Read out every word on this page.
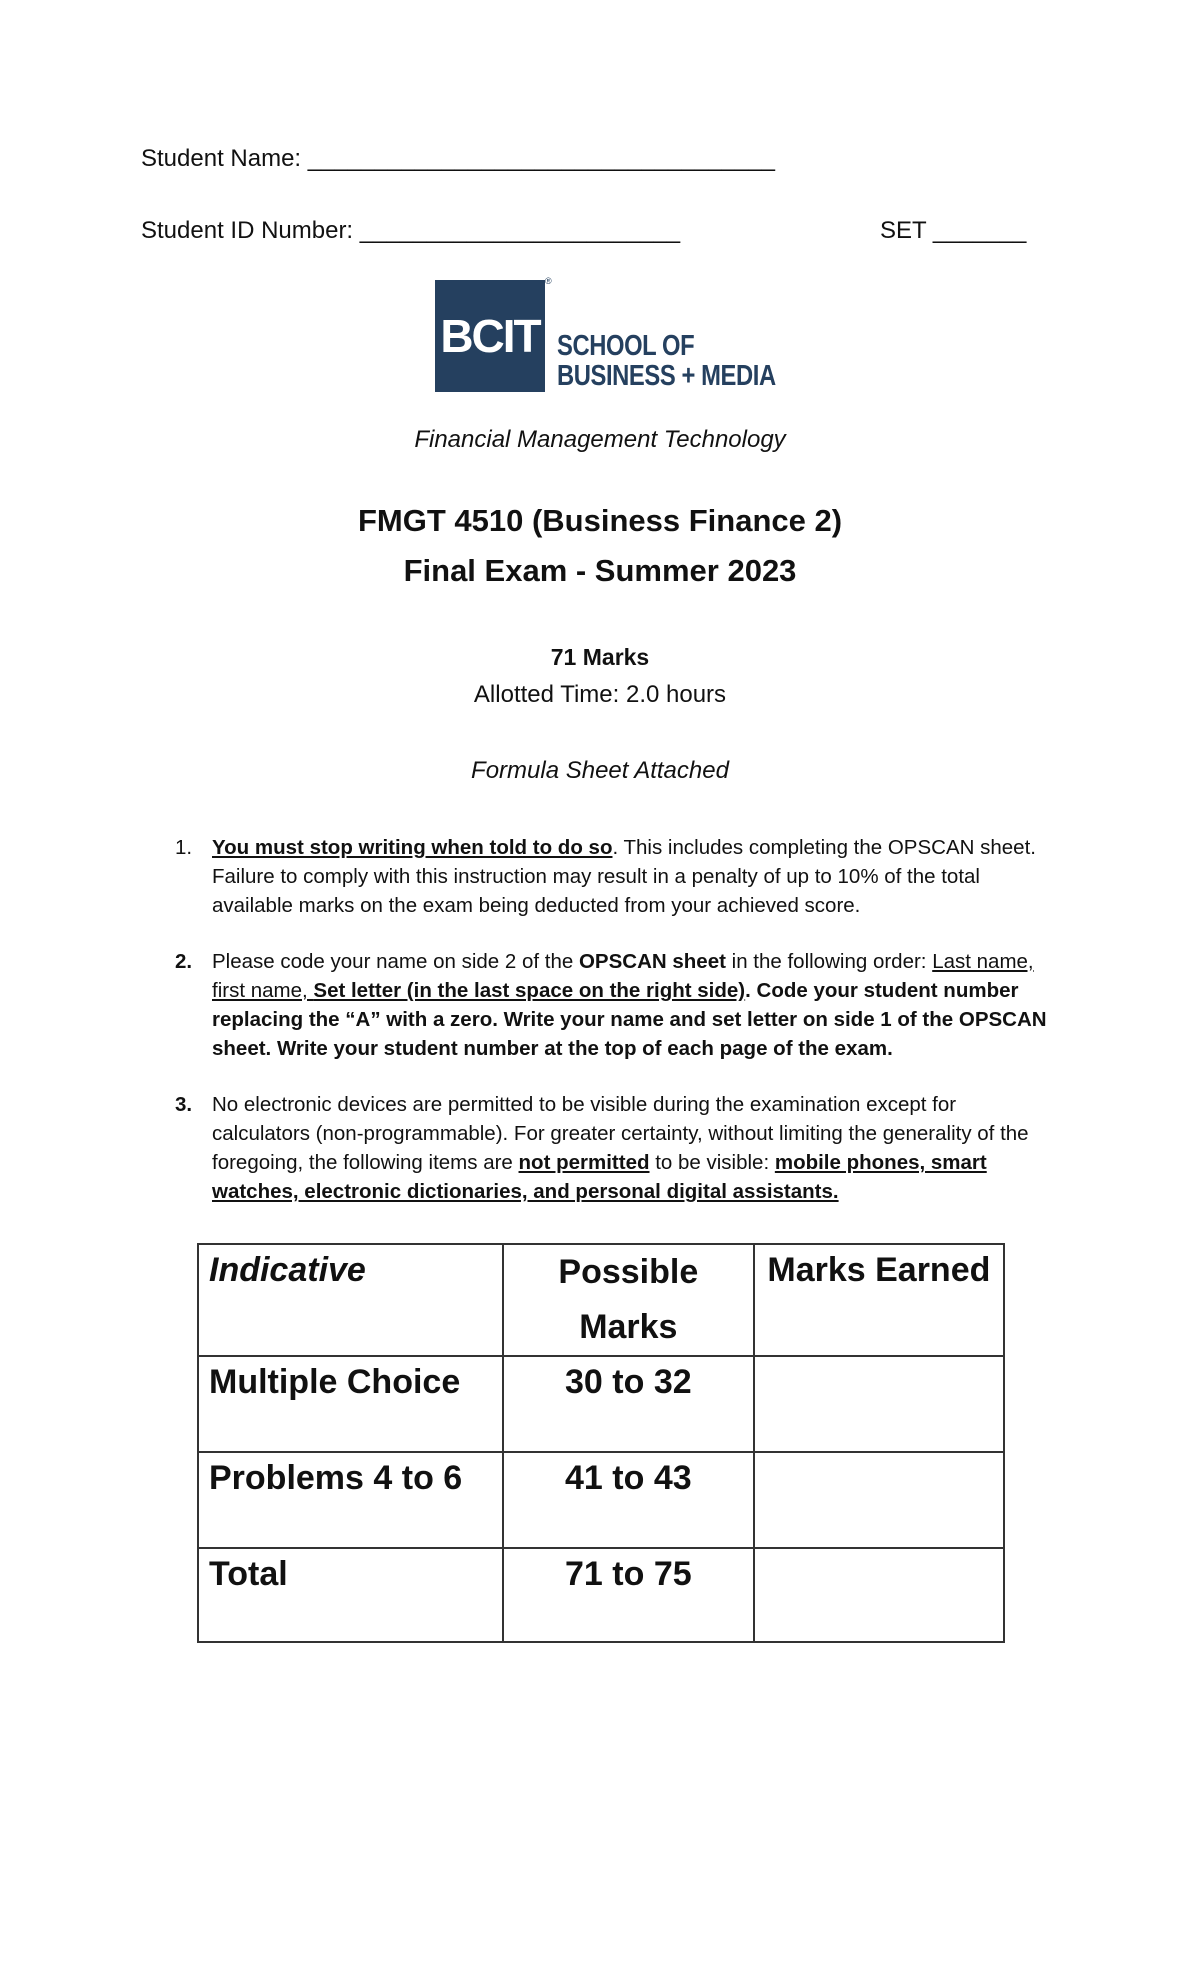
Student Name: ___________________________________
Student ID Number: ________________________	SET _______
BCIT
®
SCHOOL OF
BUSINESS + MEDIA
Financial Management Technology
FMGT 4510 (Business Finance 2)
Final Exam - Summer 2023
71 Marks
Allotted Time: 2.0 hours
Formula Sheet Attached
1. You must stop writing when told to do so. This includes completing the OPSCAN sheet. Failure to comply with this instruction may result in a penalty of up to 10% of the total available marks on the exam being deducted from your achieved score.
2. Please code your name on side 2 of the OPSCAN sheet in the following order: Last name, first name, Set letter (in the last space on the right side). Code your student number replacing the “A” with a zero. Write your name and set letter on side 1 of the OPSCAN sheet. Write your student number at the top of each page of the exam.
3. No electronic devices are permitted to be visible during the examination except for calculators (non-programmable). For greater certainty, without limiting the generality of the foregoing, the following items are not permitted to be visible: mobile phones, smart watches, electronic dictionaries, and personal digital assistants.
Indicative	Possible Marks	Marks Earned
Multiple Choice	30 to 32	
Problems 4 to 6	41 to 43	
Total	71 to 75	
